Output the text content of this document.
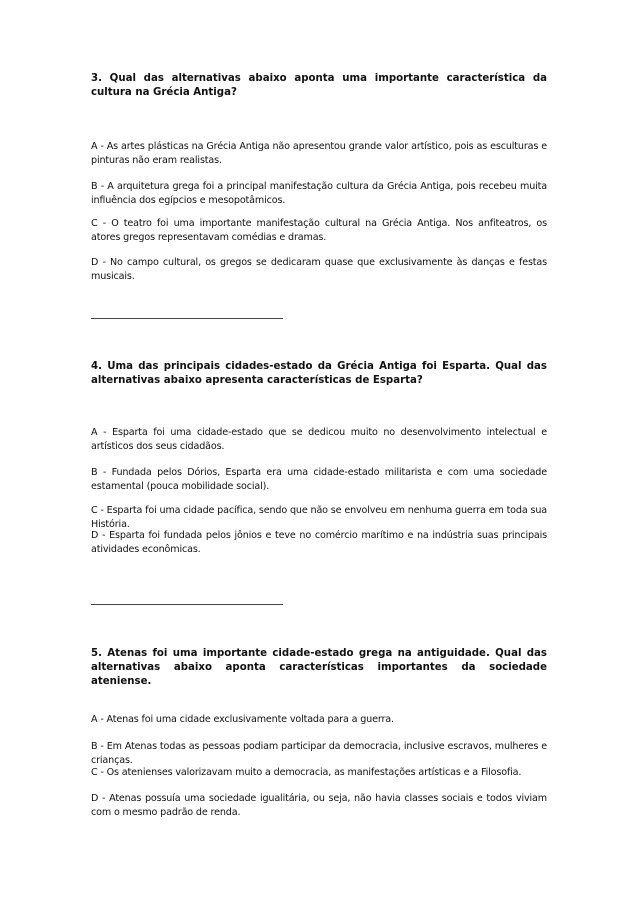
3. Qual das alternativas abaixo aponta uma importante característica da cultura na Grécia Antiga?

A - As artes plásticas na Grécia Antiga não apresentou grande valor artístico, pois as esculturas e pinturas não eram realistas.

B - A arquitetura grega foi a principal manifestação cultura da Grécia Antiga, pois recebeu muita influência dos egípcios e mesopotâmicos.

C - O teatro foi uma importante manifestação cultural na Grécia Antiga. Nos anfiteatros, os atores gregos representavam comédias e dramas.

D - No campo cultural, os gregos se dedicaram quase que exclusivamente às danças e festas musicais.

4. Uma das principais cidades-estado da Grécia Antiga foi Esparta. Qual das alternativas abaixo apresenta características de Esparta?

A - Esparta foi uma cidade-estado que se dedicou muito no desenvolvimento intelectual e artísticos dos seus cidadãos.

B - Fundada pelos Dórios, Esparta era uma cidade-estado militarista e com uma sociedade estamental (pouca mobilidade social).

C - Esparta foi uma cidade pacífica, sendo que não se envolveu em nenhuma guerra em toda sua História.

D - Esparta foi fundada pelos jônios e teve no comércio marítimo e na indústria suas principais atividades econômicas.

5. Atenas foi uma importante cidade-estado grega na antiguidade. Qual das alternativas abaixo aponta características importantes da sociedade ateniense.

A - Atenas foi uma cidade exclusivamente voltada para a guerra.

B - Em Atenas todas as pessoas podiam participar da democracia, inclusive escravos, mulheres e crianças.

C - Os atenienses valorizavam muito a democracia, as manifestações artísticas e a Filosofia.

D - Atenas possuía uma sociedade igualitária, ou seja, não havia classes sociais e todos viviam com o mesmo padrão de renda.
